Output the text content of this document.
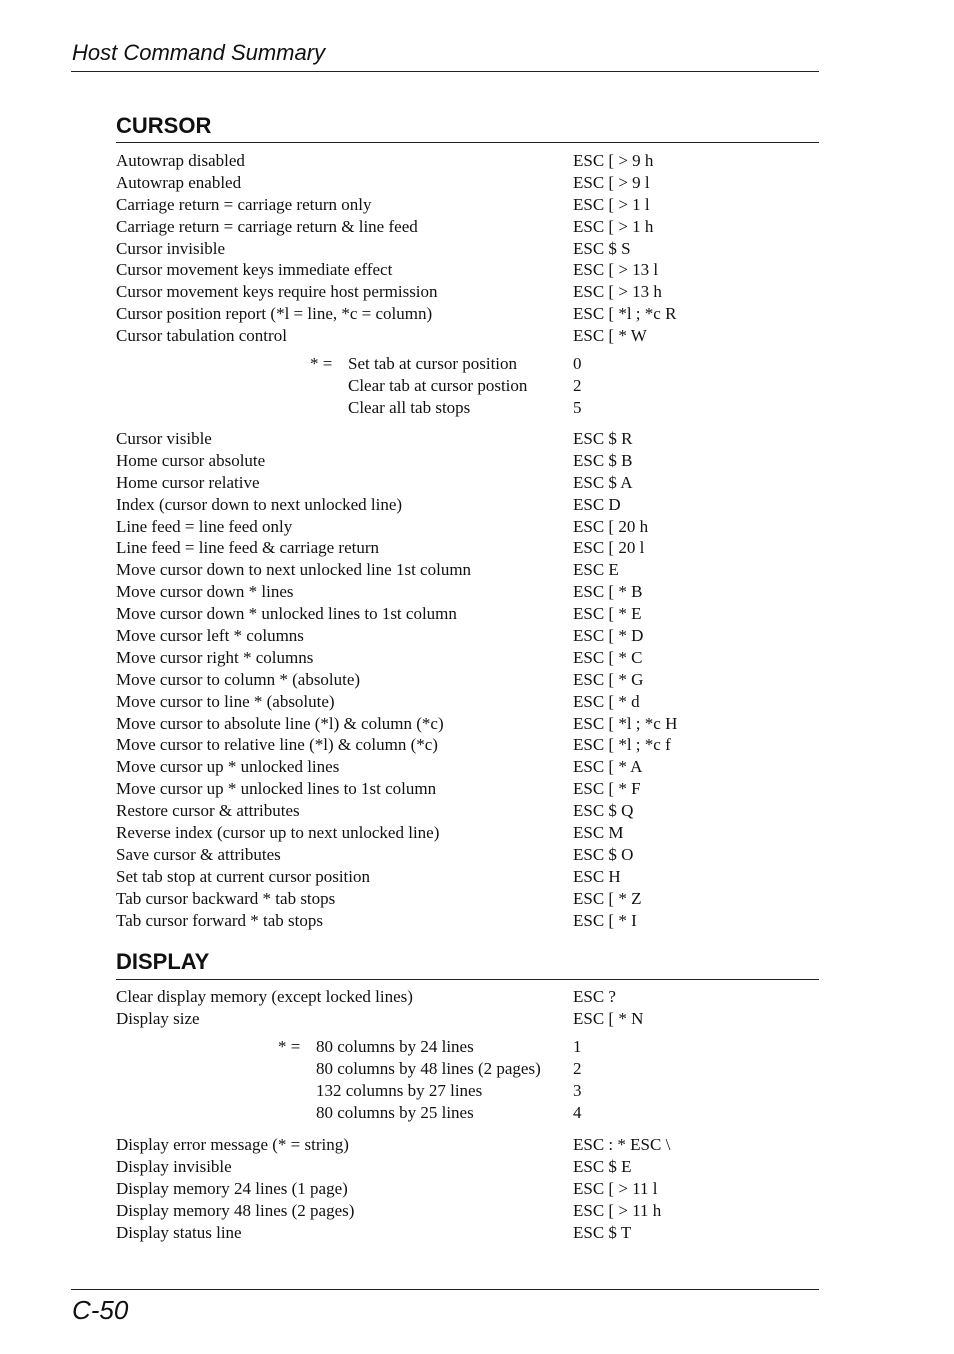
Host Command Summary
CURSOR
Autowrap disabled	ESC [ > 9 h
Autowrap enabled	ESC [ > 9 l
Carriage return = carriage return only	ESC [ > 1 l
Carriage return = carriage return & line feed	ESC [ > 1 h
Cursor invisible	ESC $ S
Cursor movement keys immediate effect	ESC [ > 13 l
Cursor movement keys require host permission	ESC [ > 13 h
Cursor position report (*l = line, *c = column)	ESC [ *l ; *c R
Cursor tabulation control	ESC [ * W
* = Set tab at cursor position	0
Clear tab at cursor postion	2
Clear all tab stops	5
Cursor visible	ESC $ R
Home cursor absolute	ESC $ B
Home cursor relative	ESC $ A
Index (cursor down to next unlocked line)	ESC D
Line feed = line feed only	ESC [ 20 h
Line feed = line feed & carriage return	ESC [ 20 l
Move cursor down to next unlocked line 1st column	ESC E
Move cursor down * lines	ESC [ * B
Move cursor down * unlocked lines to 1st column	ESC [ * E
Move cursor left * columns	ESC [ * D
Move cursor right * columns	ESC [ * C
Move cursor to column * (absolute)	ESC [ * G
Move cursor to line * (absolute)	ESC [ * d
Move cursor to absolute line (*l) & column (*c)	ESC [ *l ; *c H
Move cursor to relative line (*l) & column (*c)	ESC [ *l ; *c f
Move cursor up * unlocked lines	ESC [ * A
Move cursor up * unlocked lines to 1st column	ESC [ * F
Restore cursor & attributes	ESC $ Q
Reverse index (cursor up to next unlocked line)	ESC M
Save cursor & attributes	ESC $ O
Set tab stop at current cursor position	ESC H
Tab cursor backward * tab stops	ESC [ * Z
Tab cursor forward * tab stops	ESC [ * I
DISPLAY
Clear display memory (except locked lines)	ESC ?
Display size	ESC [ * N
* = 80 columns by 24 lines	1
80 columns by 48 lines (2 pages) 2
132 columns by 27 lines	3
80 columns by 25 lines	4
Display error message (* = string)	ESC : * ESC \
Display invisible	ESC $ E
Display memory 24 lines (1 page)	ESC [ > 11 l
Display memory 48 lines (2 pages)	ESC [ > 11 h
Display status line	ESC $ T
C-50
